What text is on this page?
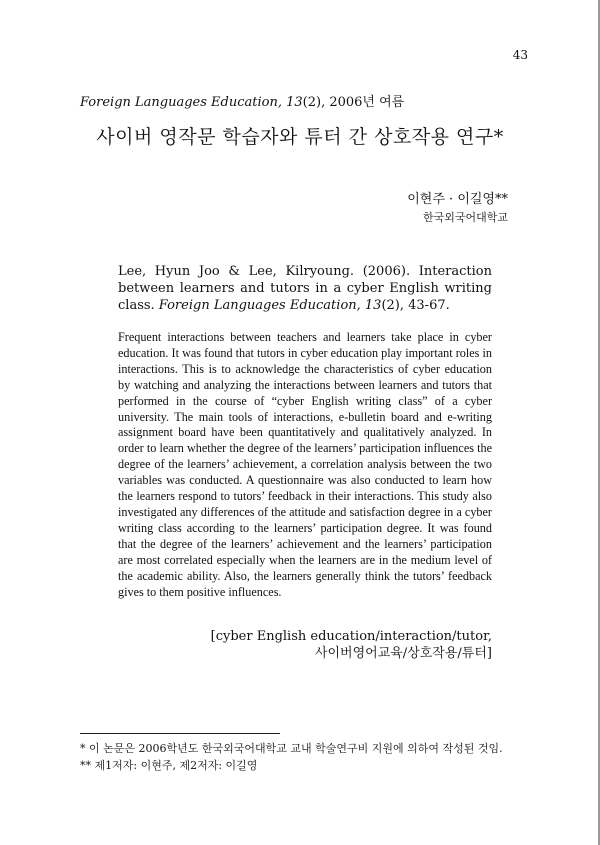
43
Foreign Languages Education, 13(2), 2006년 여름
사이버 영작문 학습자와 튜터 간 상호작용 연구*
이현주 · 이길영**
한국외국어대학교
Lee, Hyun Joo & Lee, Kilryoung. (2006). Interaction between learners and tutors in a cyber English writing class. Foreign Languages Education, 13(2), 43-67.
Frequent interactions between teachers and learners take place in cyber education. It was found that tutors in cyber education play important roles in interactions. This is to acknowledge the characteristics of cyber education by watching and analyzing the interactions between learners and tutors that performed in the course of “cyber English writing class” of a cyber university. The main tools of interactions, e-bulletin board and e-writing assignment board have been quantitatively and qualitatively analyzed. In order to learn whether the degree of the learners’ participation influences the degree of the learners’ achievement, a correlation analysis between the two variables was conducted. A questionnaire was also conducted to learn how the learners respond to tutors’ feedback in their interactions. This study also investigated any differences of the attitude and satisfaction degree in a cyber writing class according to the learners’ participation degree. It was found that the degree of the learners’ achievement and the learners’ participation are most correlated especially when the learners are in the medium level of the academic ability. Also, the learners generally think the tutors’ feedback gives to them positive influences.
[cyber English education/interaction/tutor,
사이버영어교육/상호작용/튜터]
* 이 논문은 2006학년도 한국외국어대학교 교내 학술연구비 지원에 의하여 작성된 것임.
** 제1저자: 이현주, 제2저자: 이길영
